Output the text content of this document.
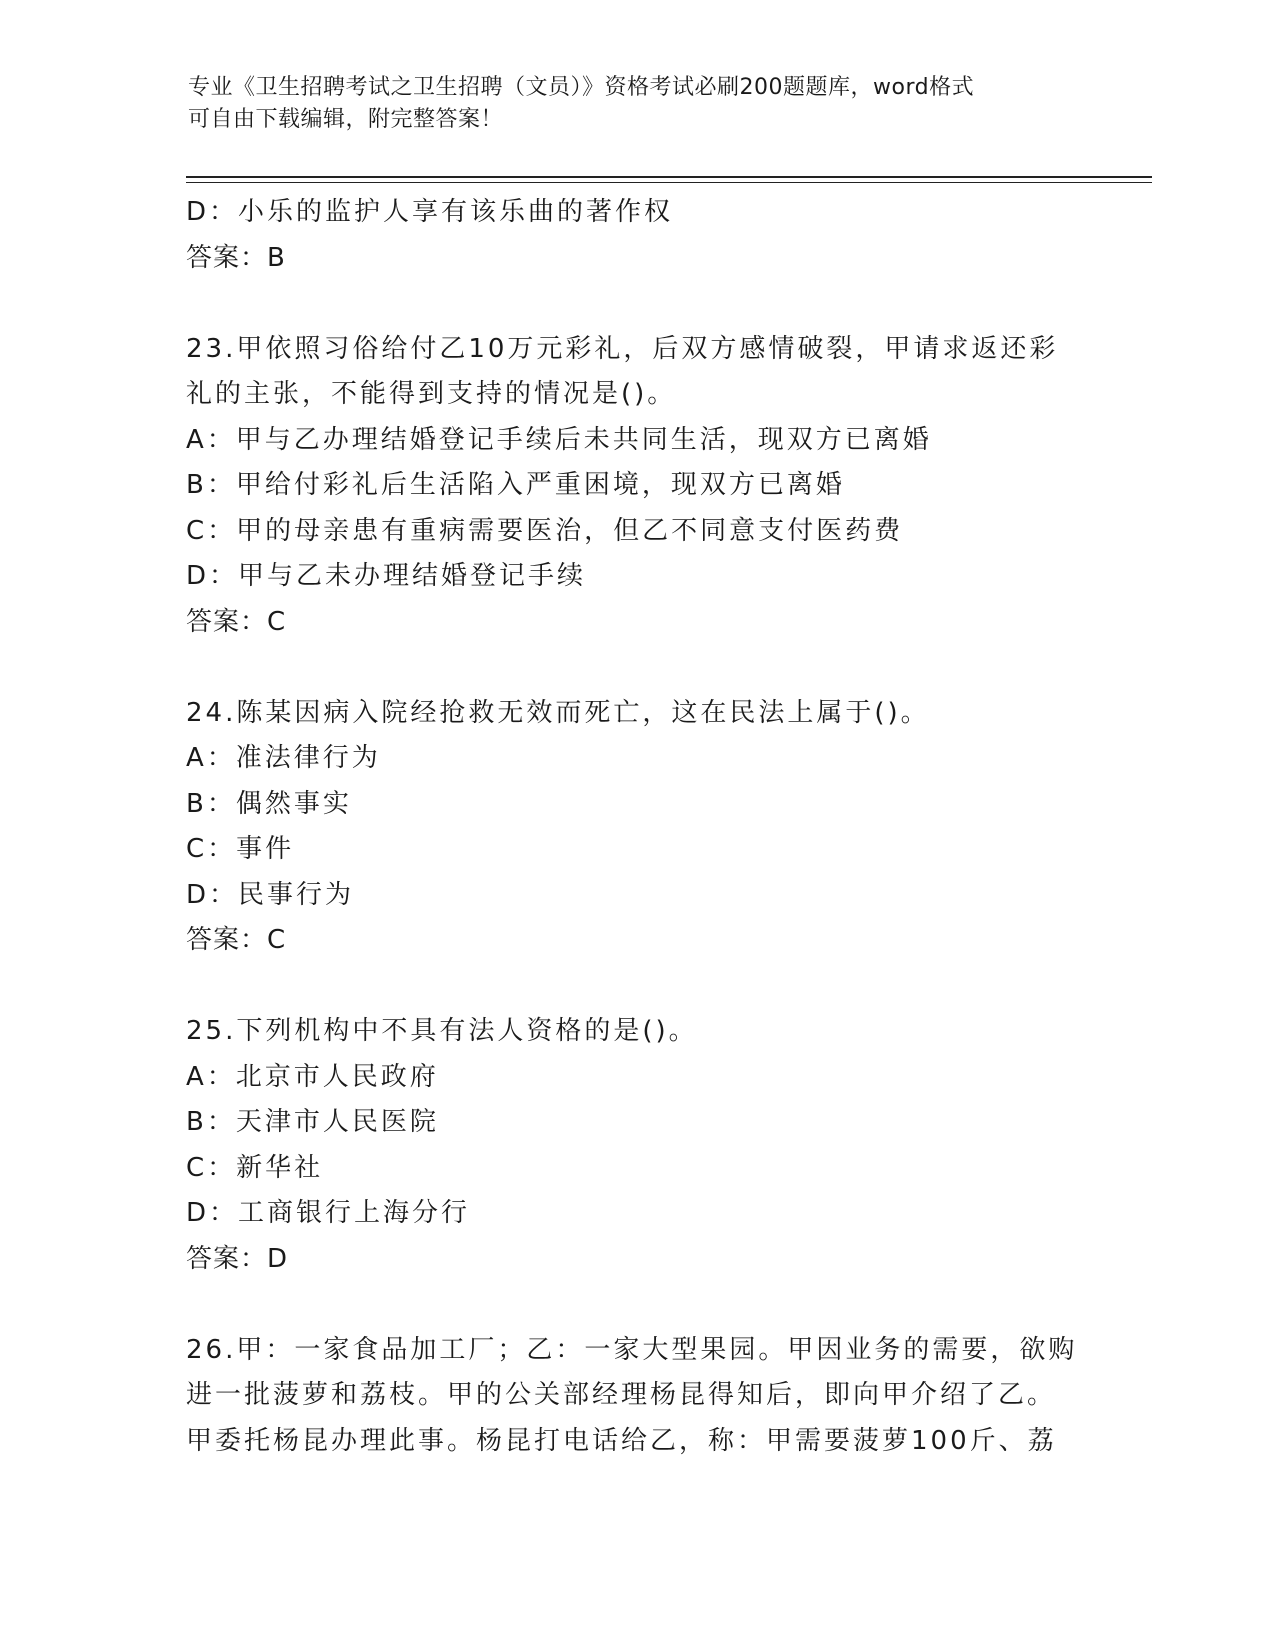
专业《卫生招聘考试之卫生招聘（文员）》资格考试必刷200题题库，word格式
可自由下载编辑，附完整答案！
D：小乐的监护人享有该乐曲的著作权
答案：B
23.甲依照习俗给付乙10万元彩礼，后双方感情破裂，甲请求返还彩
礼的主张，不能得到支持的情况是()。
A：甲与乙办理结婚登记手续后未共同生活，现双方已离婚
B：甲给付彩礼后生活陷入严重困境，现双方已离婚
C：甲的母亲患有重病需要医治，但乙不同意支付医药费
D：甲与乙未办理结婚登记手续
答案：C
24.陈某因病入院经抢救无效而死亡，这在民法上属于()。
A：准法律行为
B：偶然事实
C：事件
D：民事行为
答案：C
25.下列机构中不具有法人资格的是()。
A：北京市人民政府
B：天津市人民医院
C：新华社
D：工商银行上海分行
答案：D
26.甲：一家食品加工厂；乙：一家大型果园。甲因业务的需要，欲购
进一批菠萝和荔枝。甲的公关部经理杨昆得知后，即向甲介绍了乙。
甲委托杨昆办理此事。杨昆打电话给乙，称：甲需要菠萝100斤、荔
